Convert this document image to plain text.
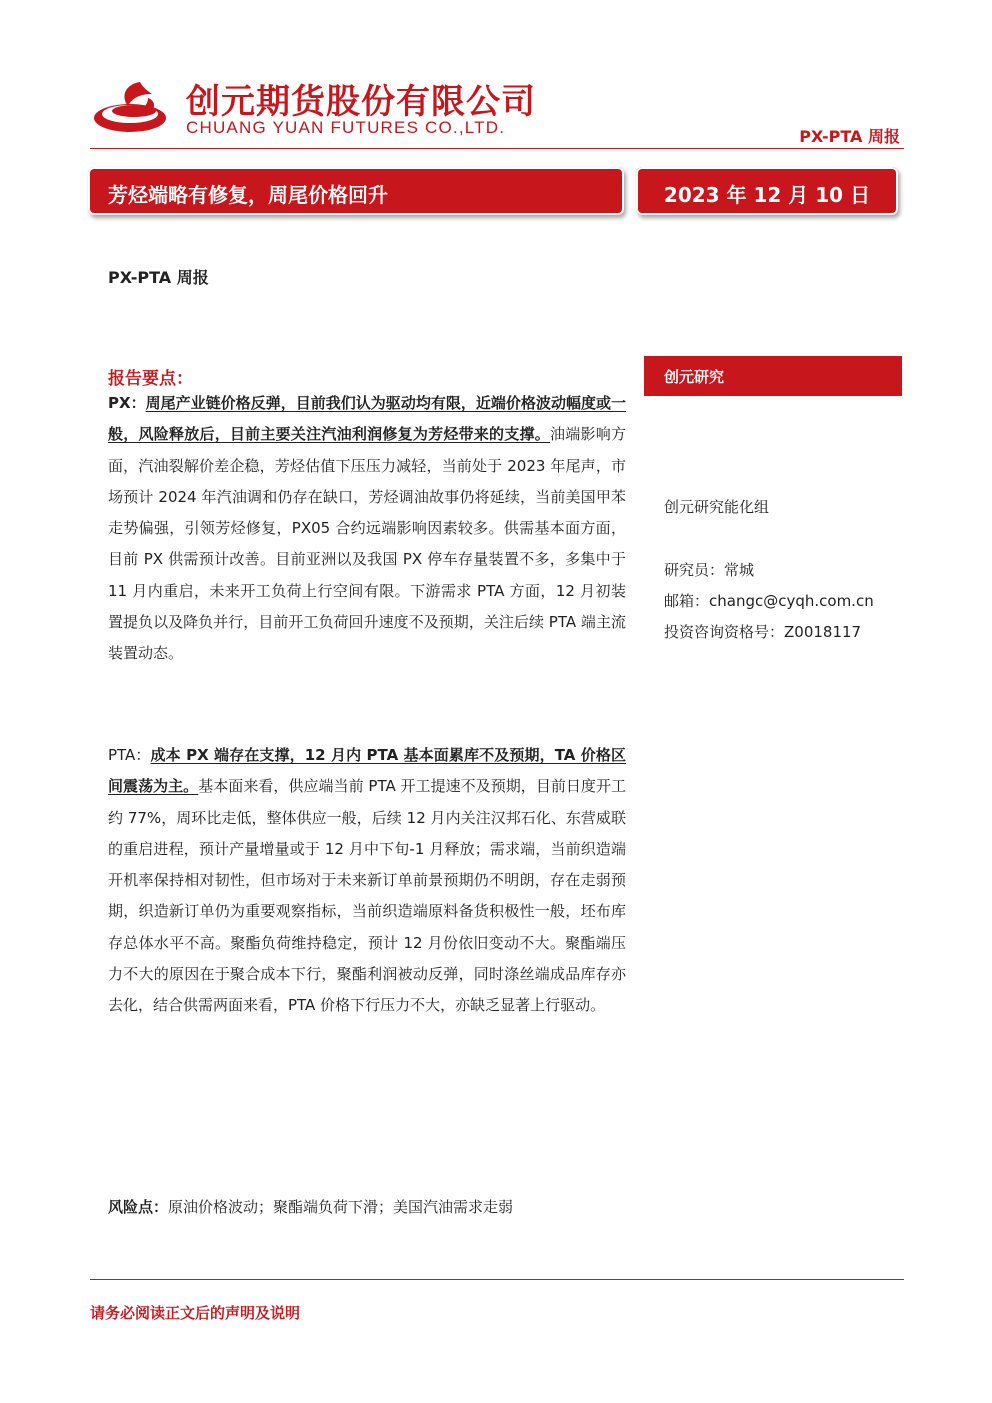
创元期货股份有限公司
CHUANG YUAN FUTURES CO.,LTD.	PX-PTA 周报
芳烃端略有修复，周尾价格回升	2023 年 12 月 10 日
PX-PTA 周报
报告要点：
PX：周尾产业链价格反弹，目前我们认为驱动均有限，近端价格波动幅度或一般，风险释放后，目前主要关注汽油利润修复为芳烃带来的支撑。油端影响方面，汽油裂解价差企稳，芳烃估值下压压力减轻，当前处于 2023 年尾声，市场预计 2024 年汽油调和仍存在缺口，芳烃调油故事仍将延续，当前美国甲苯走势偏强，引领芳烃修复，PX05 合约远端影响因素较多。供需基本面方面，目前 PX 供需预计改善。目前亚洲以及我国 PX 停车存量装置不多，多集中于 11 月内重启，未来开工负荷上行空间有限。下游需求 PTA 方面，12 月初装置提负以及降负并行，目前开工负荷回升速度不及预期，关注后续 PTA 端主流装置动态。
PTA：成本 PX 端存在支撑，12 月内 PTA 基本面累库不及预期，TA 价格区间震荡为主。基本面来看，供应端当前 PTA 开工提速不及预期，目前日度开工约 77%，周环比走低，整体供应一般，后续 12 月内关注汉邦石化、东营威联的重启进程，预计产量增量或于 12 月中下旬-1 月释放；需求端，当前织造端开机率保持相对韧性，但市场对于未来新订单前景预期仍不明朗，存在走弱预期，织造新订单仍为重要观察指标，当前织造端原料备货积极性一般，坯布库存总体水平不高。聚酯负荷维持稳定，预计 12 月份依旧变动不大。聚酯端压力不大的原因在于聚合成本下行，聚酯利润被动反弹，同时涤丝端成品库存亦去化，结合供需两面来看，PTA 价格下行压力不大，亦缺乏显著上行驱动。
风险点：原油价格波动；聚酯端负荷下滑；美国汽油需求走弱
创元研究
创元研究能化组
研究员：常城
邮箱：changc@cyqh.com.cn
投资咨询资格号：Z0018117
请务必阅读正文后的声明及说明
